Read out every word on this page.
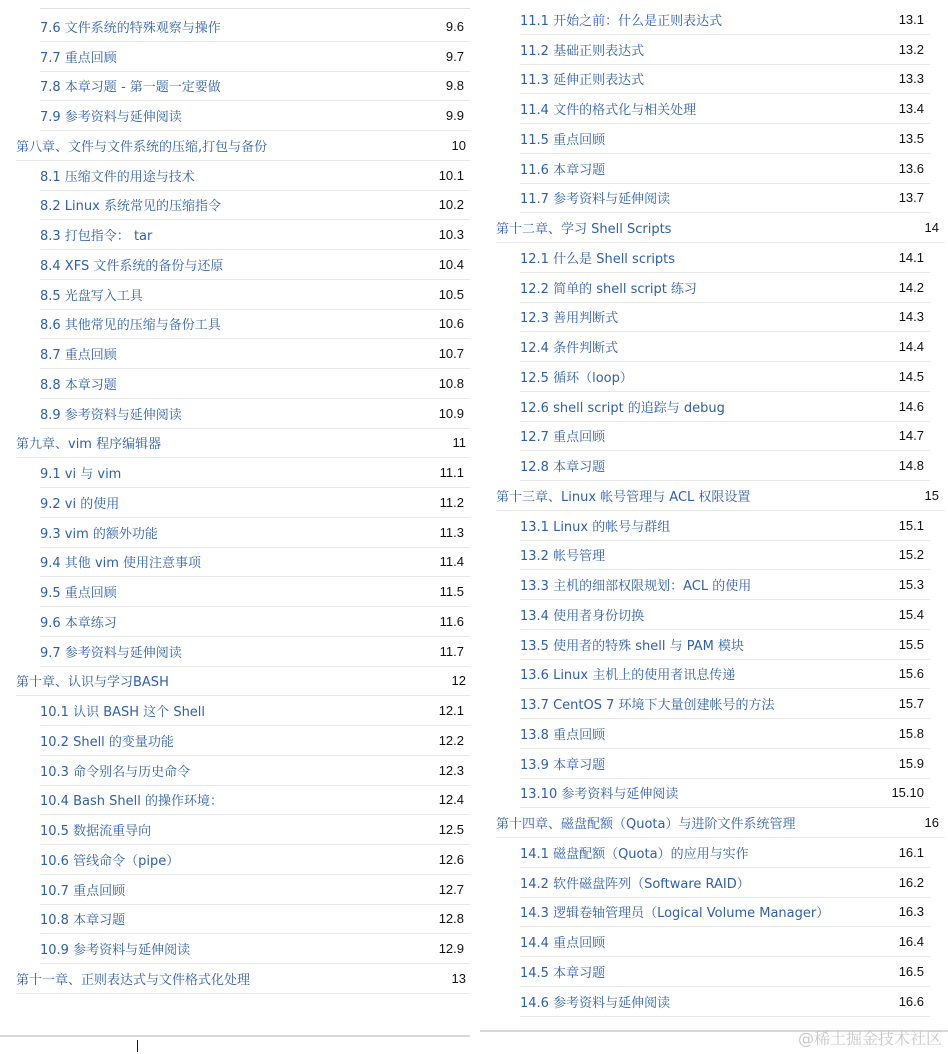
7.6 文件系统的特殊观察与操作	9.6
7.7 重点回顾	9.7
7.8 本章习题 - 第一题一定要做	9.8
7.9 参考资料与延伸阅读	9.9
第八章、文件与文件系统的压缩,打包与备份	10
8.1 压缩文件的用途与技术	10.1
8.2 Linux 系统常见的压缩指令	10.2
8.3 打包指令： tar	10.3
8.4 XFS 文件系统的备份与还原	10.4
8.5 光盘写入工具	10.5
8.6 其他常见的压缩与备份工具	10.6
8.7 重点回顾	10.7
8.8 本章习题	10.8
8.9 参考资料与延伸阅读	10.9
第九章、vim 程序编辑器	11
9.1 vi 与 vim	11.1
9.2 vi 的使用	11.2
9.3 vim 的额外功能	11.3
9.4 其他 vim 使用注意事项	11.4
9.5 重点回顾	11.5
9.6 本章练习	11.6
9.7 参考资料与延伸阅读	11.7
第十章、认识与学习BASH	12
10.1 认识 BASH 这个 Shell	12.1
10.2 Shell 的变量功能	12.2
10.3 命令别名与历史命令	12.3
10.4 Bash Shell 的操作环境：	12.4
10.5 数据流重导向	12.5
10.6 管线命令（pipe）	12.6
10.7 重点回顾	12.7
10.8 本章习题	12.8
10.9 参考资料与延伸阅读	12.9
第十一章、正则表达式与文件格式化处理	13
11.1 开始之前：什么是正则表达式	13.1
11.2 基础正则表达式	13.2
11.3 延伸正则表达式	13.3
11.4 文件的格式化与相关处理	13.4
11.5 重点回顾	13.5
11.6 本章习题	13.6
11.7 参考资料与延伸阅读	13.7
第十二章、学习 Shell Scripts	14
12.1 什么是 Shell scripts	14.1
12.2 简单的 shell script 练习	14.2
12.3 善用判断式	14.3
12.4 条件判断式	14.4
12.5 循环（loop）	14.5
12.6 shell script 的追踪与 debug	14.6
12.7 重点回顾	14.7
12.8 本章习题	14.8
第十三章、Linux 帐号管理与 ACL 权限设置	15
13.1 Linux 的帐号与群组	15.1
13.2 帐号管理	15.2
13.3 主机的细部权限规划：ACL 的使用	15.3
13.4 使用者身份切换	15.4
13.5 使用者的特殊 shell 与 PAM 模块	15.5
13.6 Linux 主机上的使用者讯息传递	15.6
13.7 CentOS 7 环境下大量创建帐号的方法	15.7
13.8 重点回顾	15.8
13.9 本章习题	15.9
13.10 参考资料与延伸阅读	15.10
第十四章、磁盘配额（Quota）与进阶文件系统管理	16
14.1 磁盘配额（Quota）的应用与实作	16.1
14.2 软件磁盘阵列（Software RAID）	16.2
14.3 逻辑卷轴管理员（Logical Volume Manager）	16.3
14.4 重点回顾	16.4
14.5 本章习题	16.5
14.6 参考资料与延伸阅读	16.6
@稀土掘金技术社区
